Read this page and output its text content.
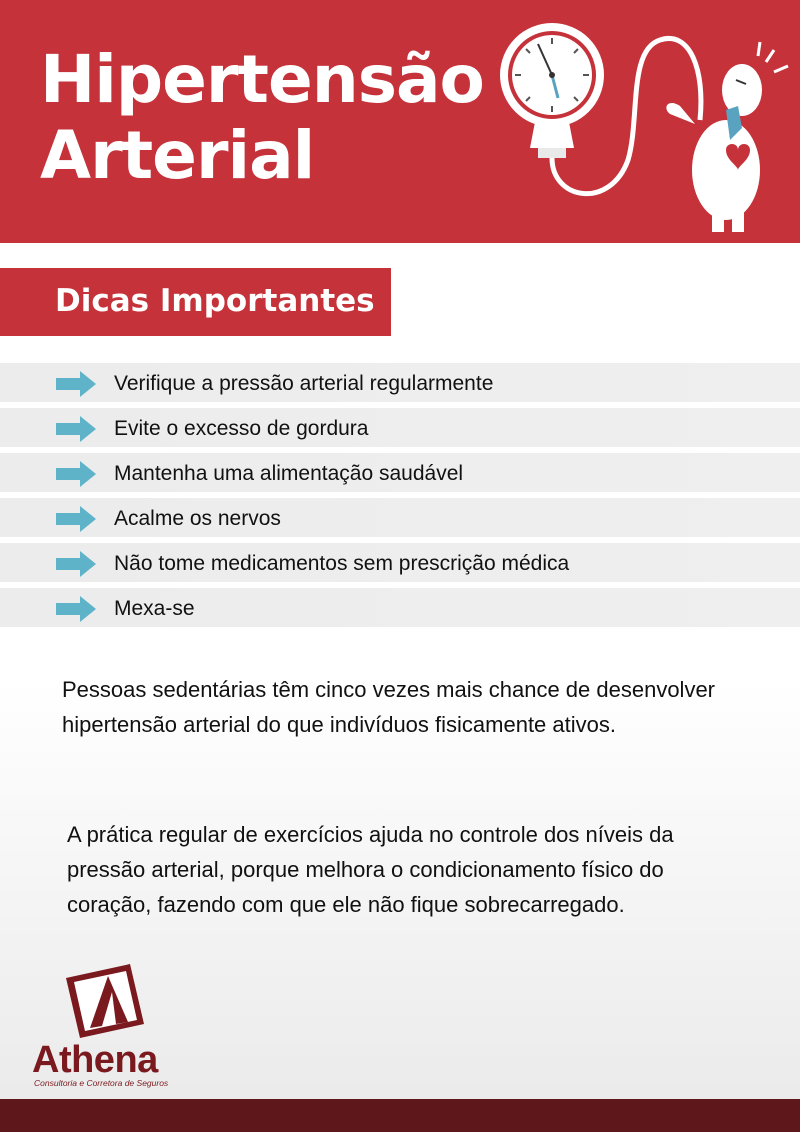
Hipertensão
Arterial
Dicas Importantes
Verifique a pressão arterial regularmente
Evite o excesso de gordura
Mantenha uma alimentação saudável
Acalme os nervos
Não tome medicamentos sem prescrição médica
Mexa-se

Pessoas sedentárias têm cinco vezes mais chance de desenvolver hipertensão arterial do que indivíduos fisicamente ativos.

A prática regular de exercícios ajuda no controle dos níveis da pressão arterial, porque melhora o condicionamento físico do coração, fazendo com que ele não fique sobrecarregado.

Athena

Consultoria e Corretora de Seguros
